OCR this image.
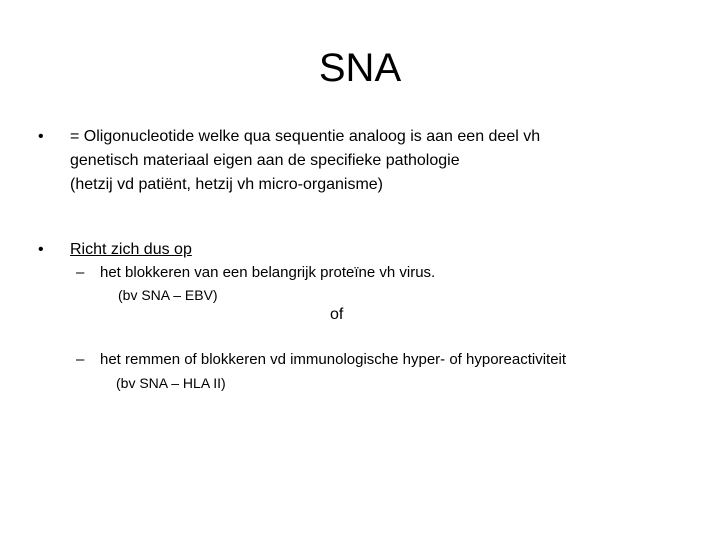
SNA
• = Oligonucleotide welke qua sequentie analoog is aan een deel vh
genetisch materiaal eigen aan de specifieke pathologie
(hetzij vd patiënt, hetzij vh micro-organisme)
• Richt zich dus op
– het blokkeren van een belangrijk proteïne vh virus.
(bv SNA – EBV)
of
– het remmen of blokkeren vd immunologische hyper- of hyporeactiviteit
(bv SNA – HLA II)
